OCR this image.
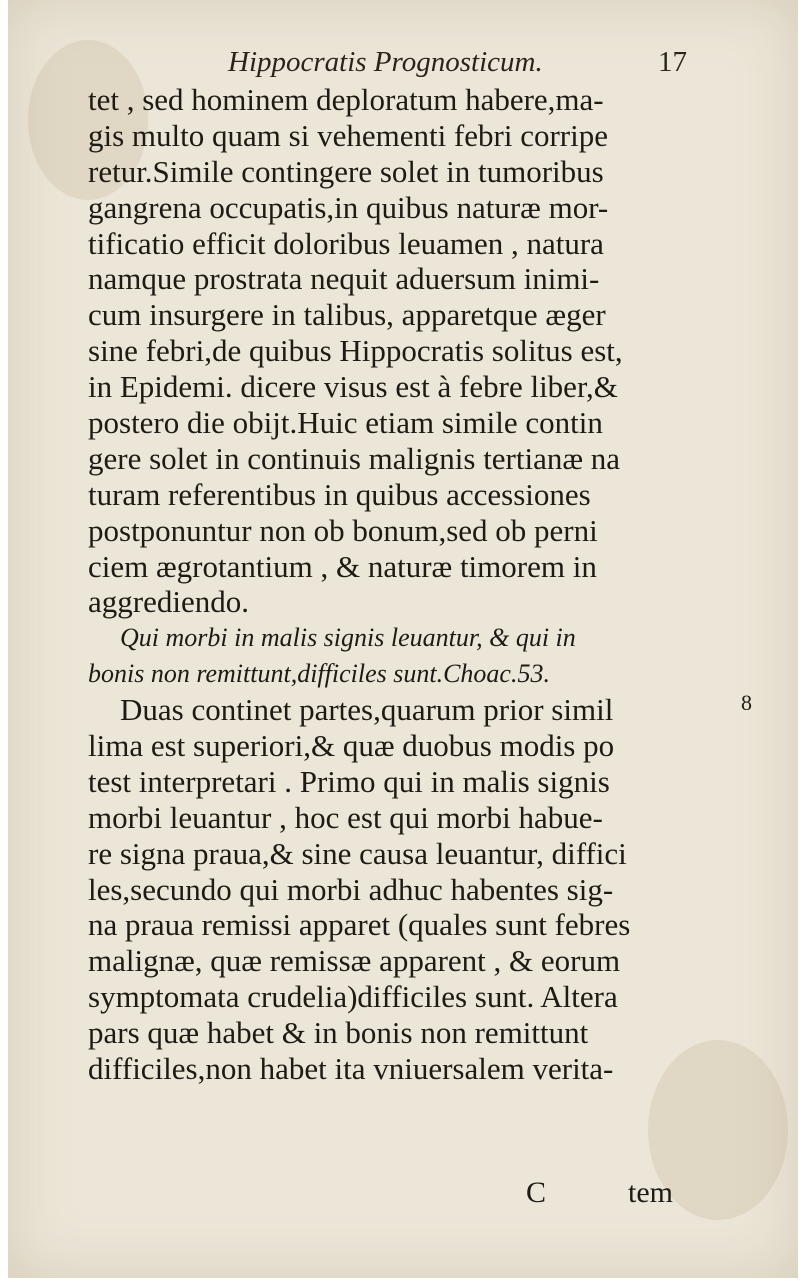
Hippocratis Prognosticum.	17
tet , sed hominem deploratum habere,ma-
gis multo quam si vehementi febri corripe
retur.Simile contingere solet in tumoribus
gangrena occupatis,in quibus naturæ mor-
tificatio efficit doloribus leuamen , natura
namque prostrata nequit aduersum inimi-
cum insurgere in talibus, apparetque æger
sine febri,de quibus Hippocratis solitus est,
in Epidemi. dicere visus est à febre liber,&
postero die obijt.Huic etiam simile contin
gere solet in continuis malignis tertianæ na
turam referentibus in quibus accessiones
postponuntur non ob bonum,sed ob perni
ciem ægrotantium , & naturæ timorem in
aggrediendo.
Qui morbi in malis signis leuantur, & qui in
bonis non remittunt,difficiles sunt.Choac.53.
Duas continet partes,quarum prior simil
lima est superiori,& quæ duobus modis po
test interpretari . Primo qui in malis signis
morbi leuantur , hoc est qui morbi habue-
re signa praua,& sine causa leuantur, diffici
les,secundo qui morbi adhuc habentes sig-
na praua remissi apparet (quales sunt febres
malignæ, quæ remissæ apparent , & eorum
symptomata crudelia)difficiles sunt. Altera
pars quæ habet & in bonis non remittunt
difficiles,non habet ita vniuersalem verita-
8
C	tem
